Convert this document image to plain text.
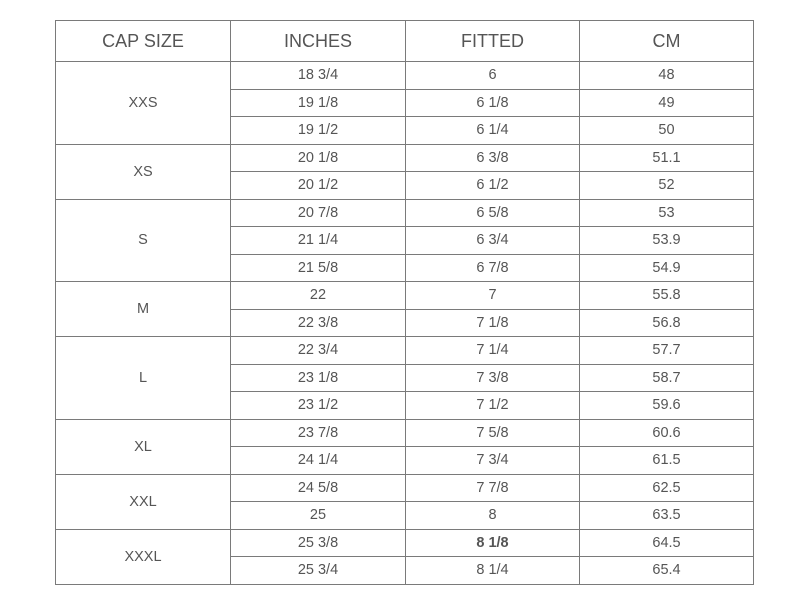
CAP SIZE	INCHES	FITTED	CM
XXS	18 3/4	6	48
	19 1/8	6 1/8	49
	19 1/2	6 1/4	50
XS	20 1/8	6 3/8	51.1
	20 1/2	6 1/2	52
S	20 7/8	6 5/8	53
	21 1/4	6 3/4	53.9
	21 5/8	6 7/8	54.9
M	22	7	55.8
	22 3/8	7 1/8	56.8
L	22 3/4	7 1/4	57.7
	23 1/8	7 3/8	58.7
	23 1/2	7 1/2	59.6
XL	23 7/8	7 5/8	60.6
	24 1/4	7 3/4	61.5
XXL	24 5/8	7 7/8	62.5
	25	8	63.5
XXXL	25 3/8	8 1/8	64.5
	25 3/4	8 1/4	65.4
